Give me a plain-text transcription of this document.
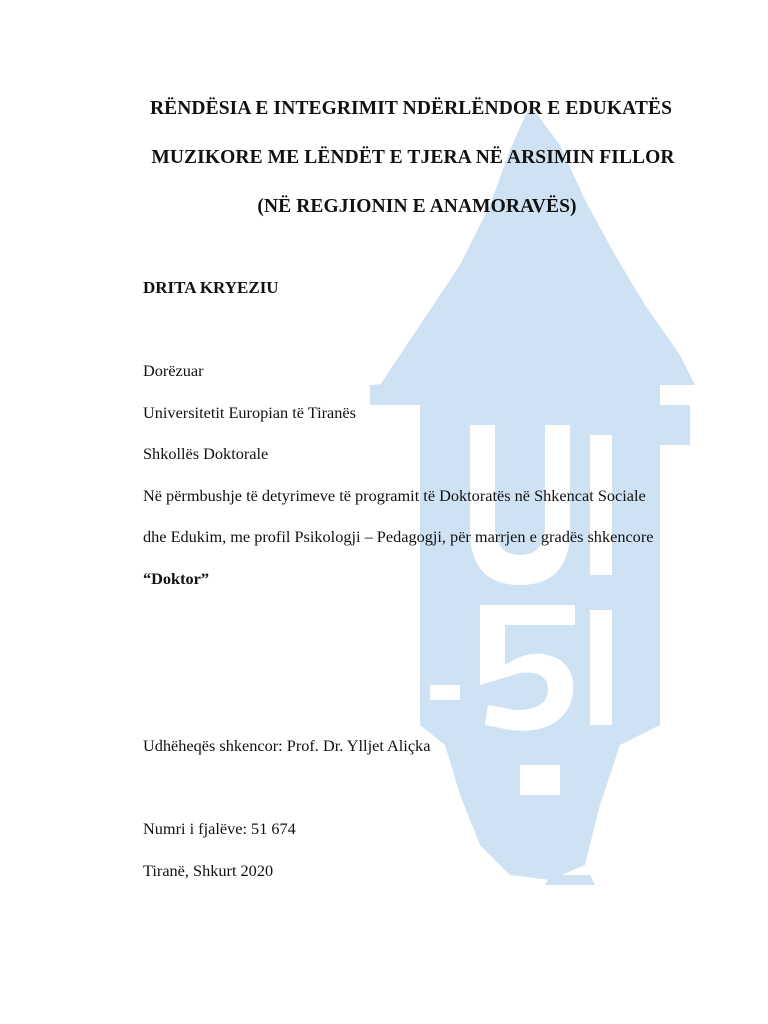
RËNDËSIA E INTEGRIMIT NDËRLËNDOR E EDUKATËS
MUZIKORE ME LËNDËT E TJERA NË ARSIMIN FILLOR
(NË REGJIONIN E ANAMORAVËS)
DRITA KRYEZIU
Dorëzuar
Universitetit Europian të Tiranës
Shkollës Doktorale
Në përmbushje të detyrimeve të programit të Doktoratës në Shkencat Sociale
dhe Edukim, me profil Psikologji – Pedagogji, për marrjen e gradës shkencore
“Doktor”
Udhëheqës shkencor: Prof. Dr. Ylljet Aliçka
Numri i fjalëve: 51 674
Tiranë, Shkurt 2020
